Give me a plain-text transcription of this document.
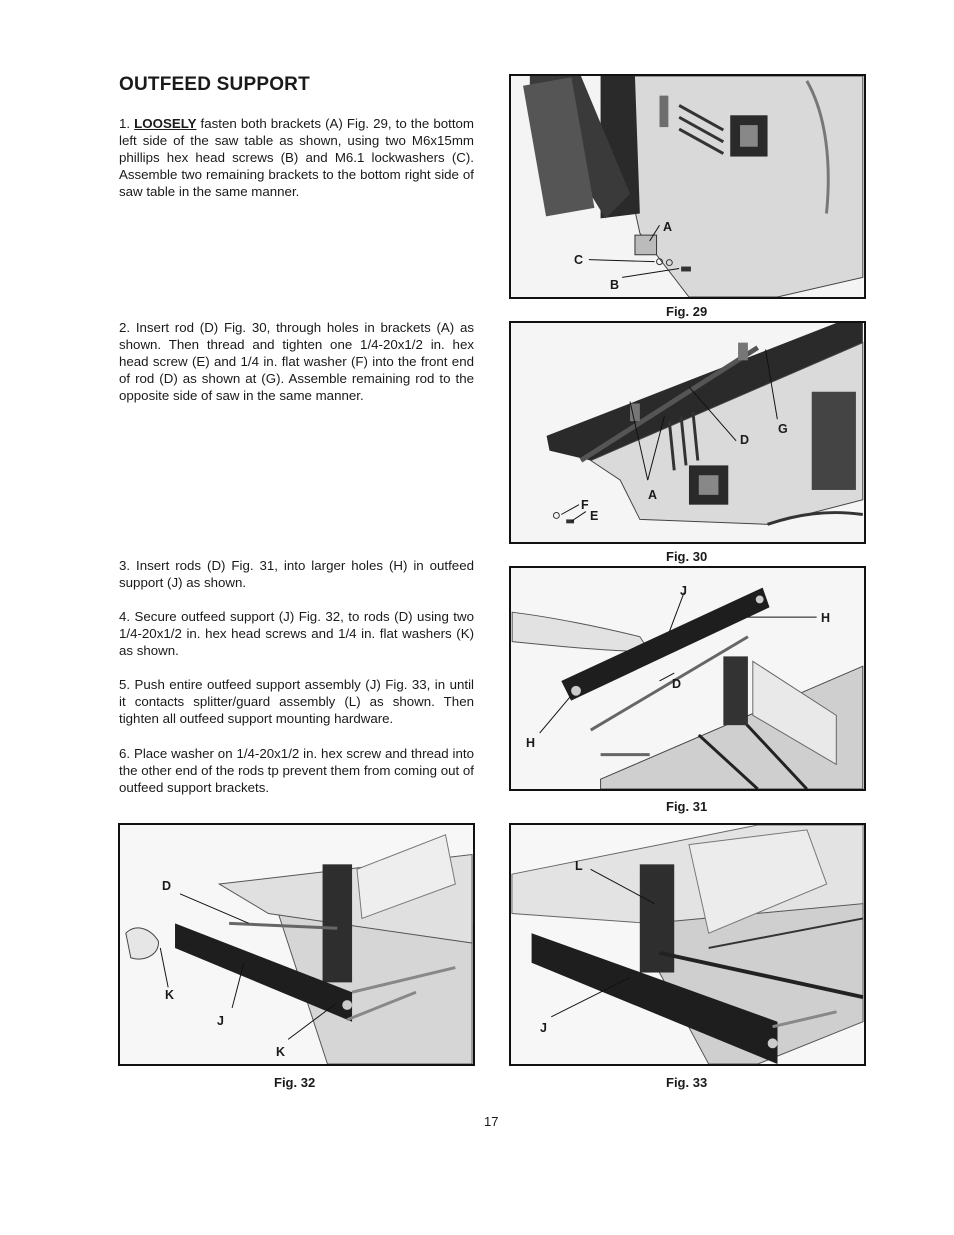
OUTFEED SUPPORT

1. LOOSELY fasten both brackets (A) Fig. 29, to the bottom left side of the saw table as shown, using two M6x15mm phillips hex head screws (B) and M6.1 lockwashers (C). Assemble two remaining brackets to the bottom right side of saw table in the same manner.

2. Insert rod (D) Fig. 30, through holes in brackets (A) as shown. Then thread and tighten one 1/4-20x1/2 in. hex head screw (E) and 1/4 in. flat washer (F) into the front end of rod (D) as shown at (G). Assemble remaining rod to the opposite side of saw in the same manner.

3. Insert rods (D) Fig. 31, into larger holes (H) in outfeed support (J) as shown.

4. Secure outfeed support (J) Fig. 32, to rods (D) using two 1/4-20x1/2 in. hex head screws and 1/4 in. flat washers (K) as shown.

5. Push entire outfeed support assembly (J) Fig. 33, in until it contacts splitter/guard assembly (L) as shown. Then tighten all outfeed support mounting hardware.

6. Place washer on 1/4-20x1/2 in. hex screw and thread into the other end of the rods tp prevent them from coming out of outfeed support brackets.

A
C
B
Fig. 29
D
G
A
F
E
Fig. 30
J
H
D
H
Fig. 31
D
K
J
K
Fig. 32
L
J
Fig. 33
17
